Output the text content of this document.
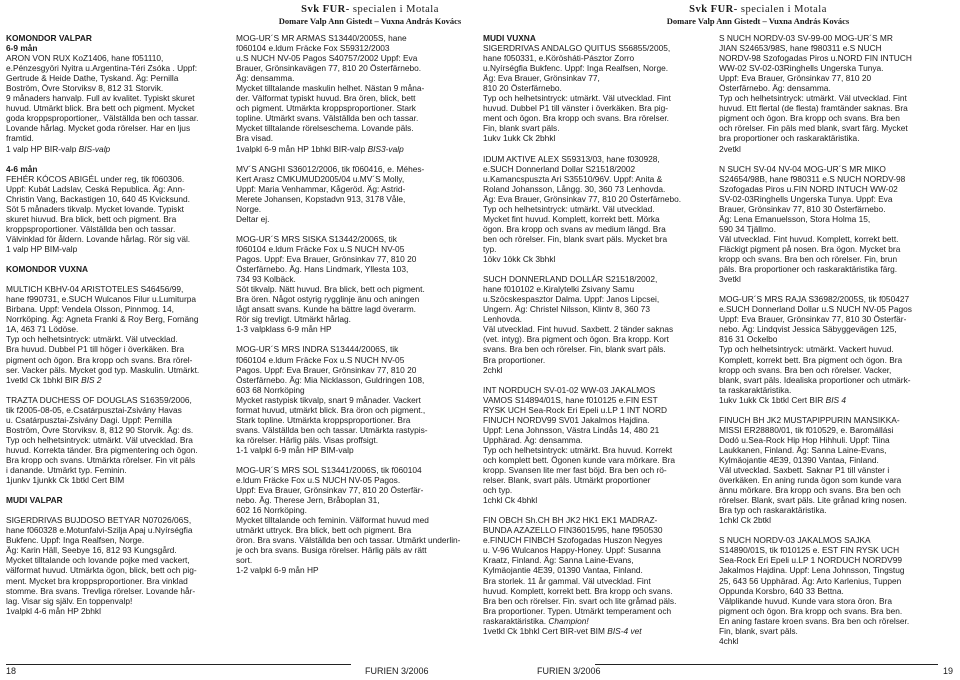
Svk FUR- specialen i Motala
Domare Valp Ann Gistedt – Vuxna András Kovács
Svk FUR- specialen i Motala
Domare Valp Ann Gistedt – Vuxna András Kovács

KOMONDOR VALPAR

6-9 mån

ARON VON RUX KoZ1406, hane f051110,

e.Pénzesgyöri Nyitra u.Argentina-Téri Zsóka . Uppf:

Gertrude & Heide Dathe, Tyskand. Äg: Pernilla

Boström, Övre Storviksv 8, 812 31 Storvik.

9 månaders hanvalp. Full av kvalitet. Typiskt skuret

huvud. Utmärkt blick. Bra bett och pigment. Mycket

goda kroppsproportioner,. Välställda ben och tassar.

Lovande hårlag. Mycket goda rörelser. Har en ljus

framtid.

1 valp HP BIR-valp BIS-valp

4-6 mån

FEHÉR KÓCOS ABIGÉL under reg, tik f060306.

Uppf: Kubát Ladslav, Ceská Republica. Äg: Ann-

Christin Vang, Backastigen 10, 640 45 Kvicksund.

Söt 5 månaders tikvalp. Mycket lovande. Typiskt

skuret hiuvud. Bra blick, bett och pigment. Bra

kroppsproportioner. Välställda ben och tassar.

Välvinklad för åldern. Lovande hårlag. Rör sig väl.

1 valp HP BIM-valp

KOMONDOR VUXNA

MULTICH KBHV-04 ARISTOTELES S46456/99,

hane f990731, e.SUCH Wulcanos Filur u.Lumiturpa

Birbana. Uppf: Vendela Olsson, Pinnmog. 14,

Norrköping. Äg: Agneta Franki & Roy Berg, Fornäng

1A, 463 71 Lödöse.

Typ och helhetsintryck: utmärkt. Väl utvecklad.

Bra huvud. Dubbel P1 till höger i överkäken. Bra

pigment och ögon. Bra kropp och svans. Bra rörel-

ser. Vacker päls. Mycket god typ. Maskulin. Utmärkt.

1vetkl Ck 1bhkl BIR BIS 2

TRAZTA DUCHESS OF DOUGLAS S16359/2006,

tik f2005-08-05, e.Csatárpusztai-Zsivány Havas

u. Csatárpusztai-Zsivány Dagi. Uppf: Pernilla

Boström, Övre Storviksv. 8, 812 90 Storvik. Äg: ds.

Typ och helhetsintryck: utmärkt. Väl utvecklad. Bra

huvud. Korrekta tänder. Bra pigmentering och ögon.

Bra kropp och svans. Utmärkta rörelser. Fin vit päls

i danande. Utmärkt typ. Feminin.

1junkv 1junkk Ck 1btkl Cert BIM

MUDI VALPAR

SIGERDRIVAS BUJDOSO BETYAR N07026/06S,

hane f060328 e.Motunfalvi-Szilja Apaj u.Nyírségfia

Bukfenc. Uppf: Inga Realfsen, Norge.

Äg: Karin Häll, Seebye 16, 812 93 Kungsgård.

Mycket tilltalande och lovande pojke med vackert,

välformat huvud. Utmärkta ögon, blick, bett och pig-

ment. Mycket bra kroppsproportioner. Bra vinklad

stomme. Bra svans. Trevliga rörelser. Lovande hår-

lag. Visar sig själv. En toppenvalp!

1valpkl 4-6 mån HP 2bhkl

MOG-UR´S MR ARMAS S13440/2005S, hane

f060104 e.ldum Fräcke Fox S59312/2003

u.S NUCH NV-05 Pagos S40757/2002 Uppf: Eva

Brauer, Grönsinkavägen 77, 810 20 Österfärnebo.

Äg: densamma.

Mycket tilltalande maskulin helhet. Nästan 9 måna-

der. Välformat typiskt huvud. Bra ören, blick, bett

och pigment. Utmärkta kroppsproportioner. Stark

topline. Utmärkt svans. Välställda ben och tassar.

Mycket tilltalande rörelseschema. Lovande päls.

Bra visad.

1valpkl 6-9 mån HP 1bhkl BIR-valp BIS3-valp

MV´S ANGHI S36012/2006, tik f060416, e. Méhes-

Kert Arasz CMKUMUD2005/04 u.MV´S Molly,

Uppf: Maria Venhammar, Kågeröd. Äg: Astrid-

Merete Johansen, Kopstadvn 913, 3178 Våle,

Norge.

Deltar ej.

MOG-UR´S MRS SISKA S13442/2006S, tik

f060104 e.ldum Fräcke Fox u.S NUCH NV-05

Pagos. Uppf: Eva Brauer, Grönsinkav 77, 810 20

Österfärnebo. Äg. Hans Lindmark, Yllesta 103,

734 93 Kolbäck.

Söt tikvalp. Nätt huvud. Bra blick, bett och pigment.

Bra ören. Något ostyrig rygglinje änu och aningen

lågt ansatt svans. Kunde ha bättre lagd överarm.

Rör sig trevligt. Utmärkt hårlag.

1-3 valpklass 6-9 mån HP

MOG-UR´S MRS INDRA S13444/2006S, tik

f060104 e.ldum Fräcke Fox u.S NUCH NV-05

Pagos. Uppf: Eva Brauer, Grönsinkav 77, 810 20

Österfärnebo. Äg: Mia Nicklasson, Guldringen 108,

603 68 Norrköping

Mycket rastypisk tikvalp, snart 9 månader. Vackert

format huvud, utmärkt blick. Bra öron och pigment.,

Stark topline. Utmärkta kroppsproportioner. Bra

svans. Välställda ben och tassar. Utmärkta rastypis-

ka rörelser. Härlig päls. Visas proffsigt.

1-1 valpkl 6-9 mån HP BIM-valp

MOG-UR´S MRS SOL S13441/2006S, tik f060104

e.ldum Fräcke Fox u.S NUCH NV-05 Pagos.

Uppf: Eva Brauer, Grönsinkav 77, 810 20 Österfär-

nebo. Äg. Therese Jern, Bråboplan 31,

602 16 Norrköping.

Mycket tilltalande och feminin. Välformat huvud med

utmärkt uttryck. Bra blick, bett och pigment. Bra

öron. Bra svans. Välställda ben och tassar. Utmärkt underlin-

je och bra svans. Busiga rörelser. Härlig päls av rätt

sort.

1-2 valpkl 6-9 mån HP

MUDI VUXNA

SIGERDRIVAS ANDALGO QUITUS S56855/2005,

hane f050331, e.Körösháti-Pásztor Zorro

u.Nyírségfia Bukfenc. Uppf: Inga Realfsen, Norge.

Äg: Eva Brauer, Grönsinkav 77,

810 20 Österfärnebo.

Typ och helhetsintryck: utmärkt. Väl utvecklad. Fint

huvud. Dubbel P1 till vänster i överkäken. Bra pig-

ment och ögon. Bra kropp och svans. Bra rörelser.

Fin, blank svart päls.

1ukv 1ukk Ck 2bhkl

IDUM AKTIVE ALEX S59313/03, hane f030928,

e.SUCH Donnerland Dollar S21518/2002

u.Kamancspuszta Ari S35510/96V. Uppf: Anita &

Roland Johansson, Långg. 30, 360 73 Lenhovda.

Äg: Eva Brauer, Grönsinkav 77, 810 20 Österfärnebo.

Typ och helhetsintryck: utmärkt. Väl utvecklad.

Mycket fint huvud. Komplett, korrekt bett. Mörka

ögon. Bra kropp och svans av medium längd. Bra

ben och rörelser. Fin, blank svart päls. Mycket bra

typ.

1ökv 1ökk Ck 3bhkl

SUCH DONNERLAND DOLLÁR S21518/2002,

hane f010102 e.Kiralytelki Zsivany Samu

u.Szöcskespasztor Dalma. Uppf: Janos Lipcsei,

Ungern. Äg: Christel Nilsson, Klintv 8, 360 73

Lenhovda.

Väl utvecklad. Fint huvud. Saxbett. 2 tänder saknas

(vet. intyg). Bra pigment och ögon. Bra kropp. Kort

svans. Bra ben och rörelser. Fin, blank svart päls.

Bra proportioner.

2chkl

INT NORDUCH SV-01-02 WW-03 JAKALMOS

VAMOS S14894/01S, hane f010125 e.FIN EST

RYSK UCH Sea-Rock Eri Epeli u.LP 1 INT NORD

FINUCH NORDV99 SV01 Jakalmos Hajdina.

Uppf: Lena Johnsson, Västra Lindås 14, 480 21

Upphärad. Äg: densamma.

Typ och helhetsintryck: utmärkt. Bra huvud. Korrekt

och komplett bett. Ögonen kunde vara mörkare. Bra

kropp. Svansen lite mer fast böjd. Bra ben och rö-

relser. Blank, svart päls. Utmärkt proportioner

och typ.

1chkl Ck 4bhkl

FIN OBCH Sh.CH BH JK2 HK1 EK1 MADRAZ-

BUNDA AZAZELLO FIN36015/95, hane f950530

e.FINUCH FINBCH Szofogadas Huszon Negyes

u. V-96 Wulcanos Happy-Honey. Uppf: Susanna

Kraatz, Finland. Äg: Sanna Laine-Evans,

Kylmäojantie 4E39, 01390 Vantaa, Finland.

Bra storlek. 11 år gammal. Väl utvecklad. Fint

huvud. Komplett, korrekt bett. Bra kropp och svans.

Bra ben och rörelser. Fin. svart och lite gråmad päls.

Bra proportioner. Typen. Utmärkt temperament och

raskaraktäristika. Champion!

1vetkl Ck 1bhkl Cert BIR-vet BIM BIS-4 vet

S NUCH NORDV-03 SV-99-00 MOG-UR´S MR

JIAN S24653/98S, hane f980311 e.S NUCH

NORDV-98 Szofogadas Piros u.NORD FIN INTUCH

WW-02 SV-02-03Ringhells Ungerska Tunya.

Uppf: Eva Brauer, Grönsinkav 77, 810 20

Österfärnebo. Äg: densamma.

Typ och helhetsintryck: utmärkt. Väl utvecklad. Fint

huvud. Ett flertal (de flesta) framtänder saknas. Bra

pigment och ögon. Bra kropp och svans. Bra ben

och rörelser. Fin päls med blank, svart färg. Mycket

bra proportioner och raskaraktäristika.

2vetkl

N SUCH SV-04 NV-04 MOG-UR´S MR MIKO

S24654/98B, hane f980311 e.S NUCH NORDV-98

Szofogadas Piros u.FIN NORD INTUCH WW-02

SV-02-03Ringhells Ungerska Tunya. Uppf: Eva

Brauer, Grönsinkav 77, 810 30 Österfärnebo.

Äg: Lena Emanuelsson, Stora Holma 15,

590 34 Tjällmo.

Väl utvecklad. Fint huvud. Komplett, korrekt bett.

Fläckigt pigment på nosen. Bra ögon. Mycket bra

kropp och svans. Bra ben och rörelser. Fin, brun

päls. Bra proportioner och raskaraktäristika färg.

3vetkl

MOG-UR´S MRS RAJA S36982/2005S, tik f050427

e.SUCH Donnerland Dollar u.S NUCH NV-05 Pagos

Uppf: Eva Brauer, Grönsinkav 77, 810 30 Österfär-

nebo. Äg: Lindqvist Jessica Säbyggevägen 125,

816 31 Ockelbo

Typ och helhetsintryck: utmärkt. Vackert huvud.

Komplett, korrekt bett. Bra pigment och ögon. Bra

kropp och svans. Bra ben och rörelser. Vacker,

blank, svart päls. Idealiska proportioner och utmärk-

ta raskaraktäristika.

1ukv 1ukk Ck 1btkl Cert BIR BIS 4

FINUCH BH JK2 MUSTAPIPPURIN MANSIKKA-

MISSI ER28880/01, tik f010529, e. Baromállási

Dodó u.Sea-Rock Hip Hop Hihhuli. Uppf: Tiina

Laukkanen, Finland. Äg: Sanna Laine-Evans,

Kylmäojantie 4E39, 01390 Vantaa, Finland.

Väl utvecklad. Saxbett. Saknar P1 till vänster i

överkäken. En aning runda ögon som kunde vara

ännu mörkare. Bra kropp och svans. Bra ben och

rörelser. Blank, svart päls. Lite grånad kring nosen.

Bra typ och raskaraktäristika.

1chkl Ck 2btkl

S NUCH NORDV-03 JAKALMOS SAJKA

S14890/01S, tik f010125 e. EST FIN RYSK UCH

Sea-Rock Eri Epeli u.LP 1 NORDUCH NORDV99

Jakalmos Hajdina. Uppf: Lena Johnsson, Tingstug

25, 643 56 Upphärad. Äg: Arto Karlenius, Tuppen

Oppunda Korsbro, 640 33 Bettna.

Välplikande huvud. Kunde vara stora öron. Bra

pigment och ögon. Bra kropp och svans. Bra ben.

En aning fastare kroen svans. Bra ben och rörelser.

Fin, blank, svart päls.

4chkl

18	FURIEN 3/2006	FURIEN 3/2006	19
